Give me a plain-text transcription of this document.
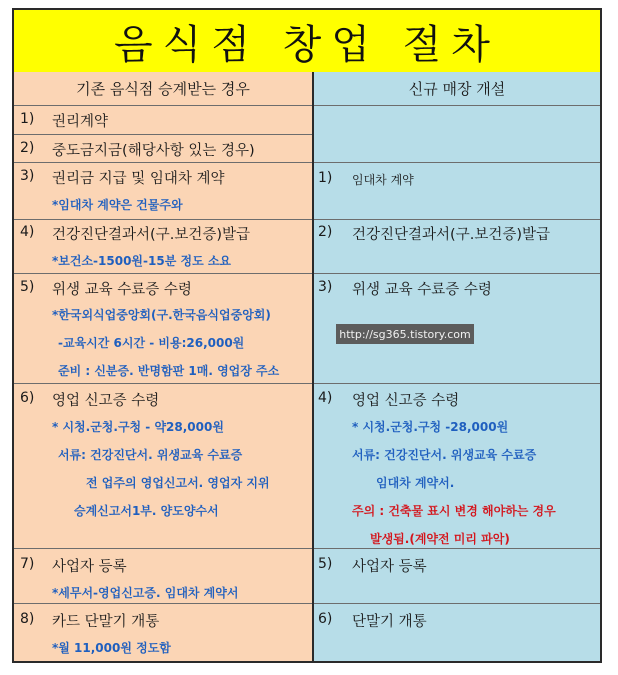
음식점 창업 절차
기존 음식점 승계받는 경우
1) 권리계약
2) 중도금지금(해당사항 있는 경우)
3) 권리금 지급 및 임대차 계약
*임대차 계약은 건물주와
4) 건강진단결과서(구.보건증)발급
*보건소-1500원-15분 정도 소요
5) 위생 교육 수료증 수령
*한국외식업중앙회(구.한국음식업중앙회)
-교육시간 6시간 - 비용:26,000원
준비 : 신분증. 반명함판 1매. 영업장 주소
6) 영업 신고증 수령
* 시청.군청.구청 - 약28,000원
서류: 건강진단서. 위생교육 수료증
전 업주의 영업신고서. 영업자 지위
승계신고서1부. 양도양수서
7) 사업자 등록
*세무서-영업신고증. 임대차 계약서
8) 카드 단말기 개통
*월 11,000원 정도함
신규 매장 개설
1) 임대차 계약
2) 건강진단결과서(구.보건증)발급
3) 위생 교육 수료증 수령
4) 영업 신고증 수령
* 시청.군청.구청 -28,000원
서류: 건강진단서. 위생교육 수료증
임대차 계약서.
주의 : 건축물 표시 변경 해야하는 경우
발생됨.(계약전 미리 파악)
5) 사업자 등록
6) 단말기 개통
http://sg365.tistory.com
